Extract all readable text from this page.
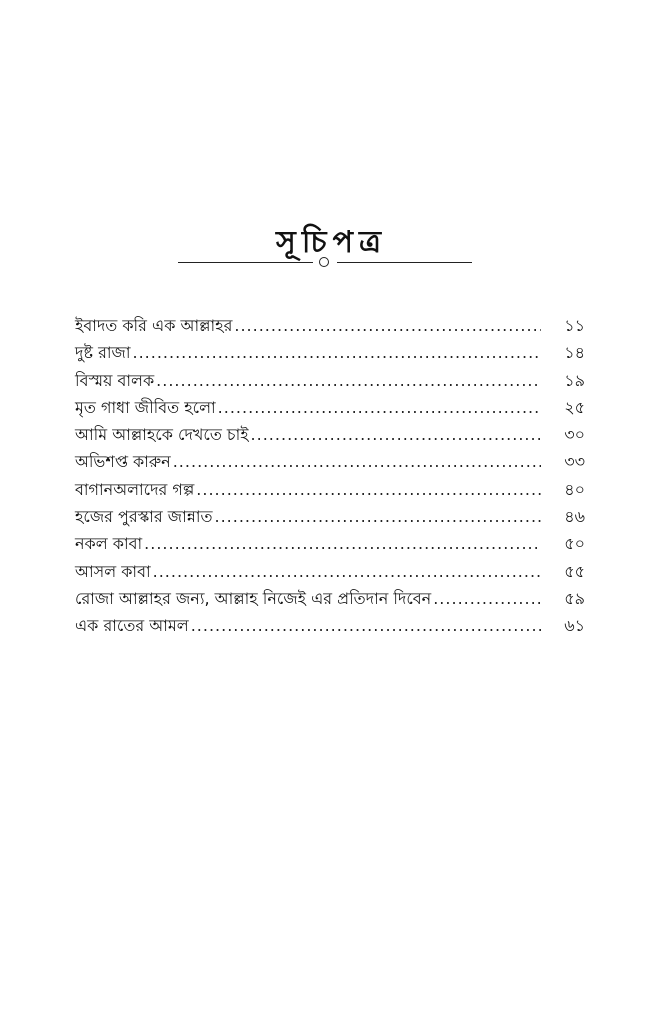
সূচিপত্র
ইবাদত করি এক আল্লাহর .....	১১
দুষ্ট রাজা .....	১৪
বিস্ময় বালক .....	১৯
মৃত গাধা জীবিত হলো .....	২৫
আমি আল্লাহকে দেখতে চাই .....	৩০
অভিশপ্ত কারুন .....	৩৩
বাগানঅলাদের গল্প .....	৪০
হজের পুরস্কার জান্নাত .....	৪৬
নকল কাবা .....	৫০
আসল কাবা .....	৫৫
রোজা আল্লাহর জন্য, আল্লাহ নিজেই এর প্রতিদান দিবেন .....	৫৯
এক রাতের আমল .....	৬১
